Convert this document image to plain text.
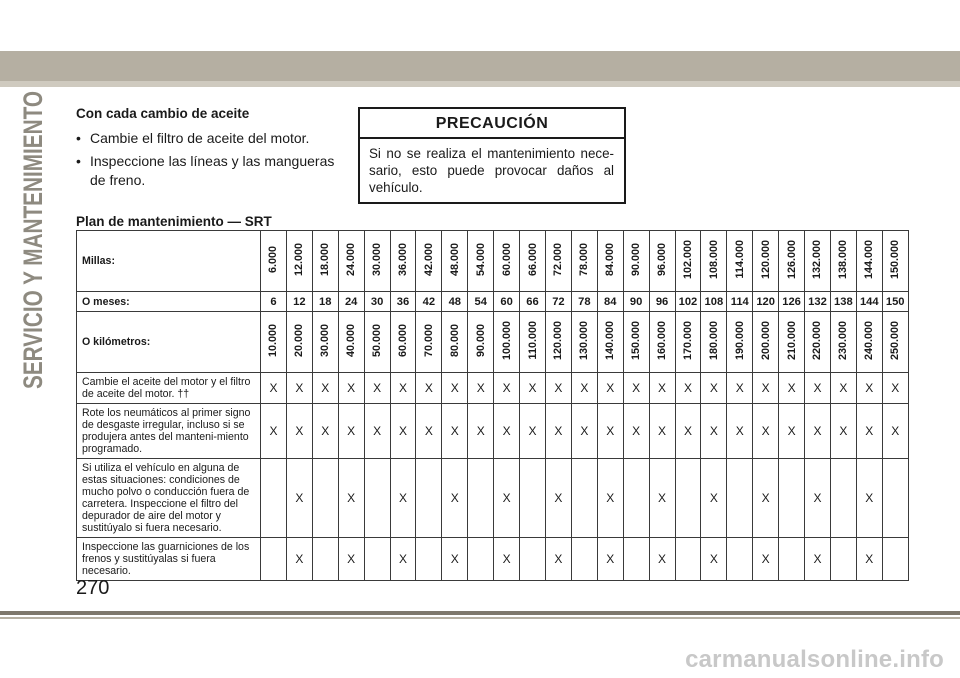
SERVICIO Y MANTENIMIENTO Con cada cambio de aceite
• Cambie el filtro de aceite del motor.
• Inspeccione las líneas y las mangueras de freno.
PRECAUCIÓN
Si no se realiza el mantenimiento nece-sario, esto puede provocar daños al vehículo.
Plan de mantenimiento — SRT
Millas:	6.000	12.000	18.000	24.000	30.000	36.000	42.000	48.000	54.000	60.000	66.000	72.000	78.000	84.000	90.000	96.000	102.000	108.000	114.000	120.000	126.000	132.000	138.000	144.000	150.000
O meses:	6	12	18	24	30	36	42	48	54	60	66	72	78	84	90	96	102	108	114	120	126	132	138	144	150
O kilómetros:	10.000	20.000	30.000	40.000	50.000	60.000	70.000	80.000	90.000	100.000	110.000	120.000	130.000	140.000	150.000	160.000	170.000	180.000	190.000	200.000	210.000	220.000	230.000	240.000	250.000
Cambie el aceite del motor y el filtro de aceite del motor. ††	X	X	X	X	X	X	X	X	X	X	X	X	X	X	X	X	X	X	X	X	X	X	X	X	X
Rote los neumáticos al primer signo de desgaste irregular, incluso si se produjera antes del manteni-miento programado.	X	X	X	X	X	X	X	X	X	X	X	X	X	X	X	X	X	X	X	X	X	X	X	X	X
Si utiliza el vehículo en alguna de estas situaciones: condiciones de mucho polvo o conducción fuera de carretera. Inspeccione el filtro del depurador de aire del motor y sustitúyalo si fuera necesario.		X		X		X		X		X		X		X		X		X		X		X		X	
Inspeccione las guarniciones de los frenos y sustitúyalas si fuera necesario.		X		X		X		X		X		X		X		X		X		X		X		X	
270
carmanualsonline.info
